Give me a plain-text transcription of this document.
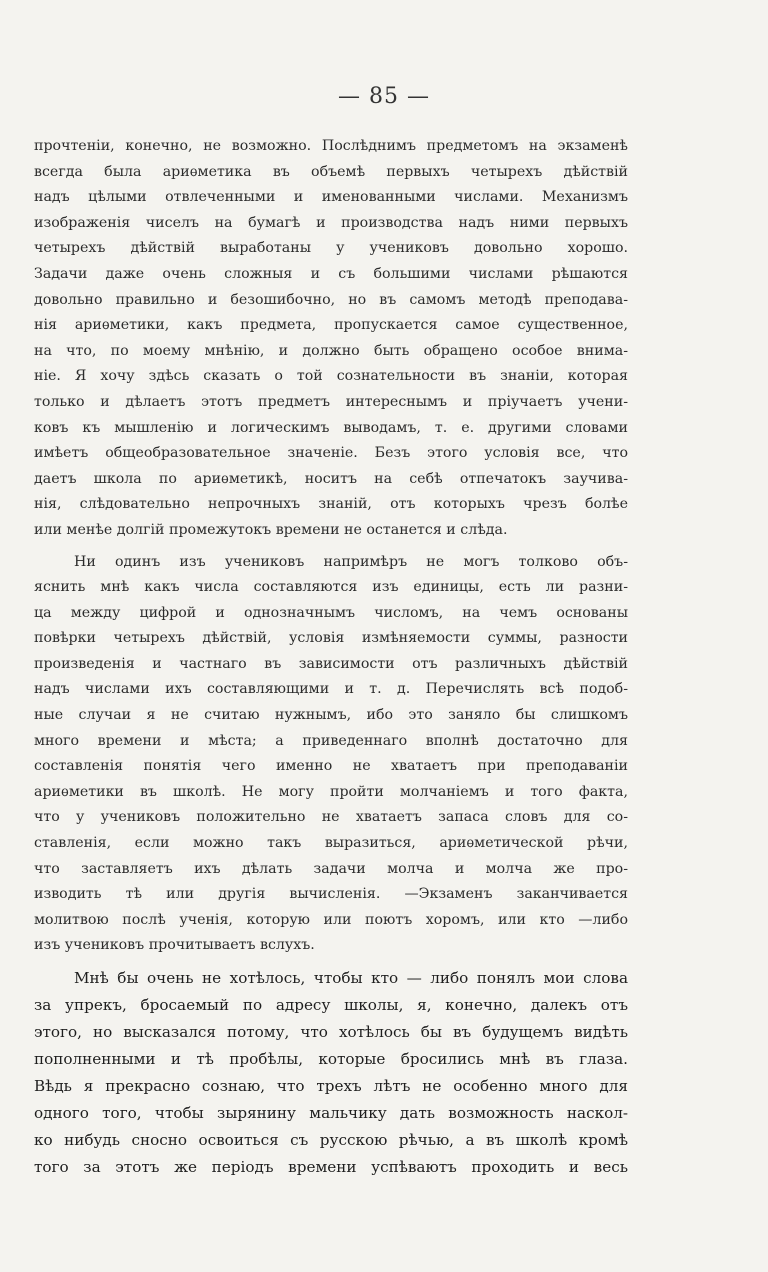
— 85 —
прочтеніи, конечно, не возможно. Послѣднимъ предметомъ на экзаменѣ
всегда была ариѳметика въ объемѣ первыхъ четырехъ дѣйствій
надъ цѣлыми отвлеченными и именованными числами. Механизмъ
изображенія чиселъ на бумагѣ и производства надъ ними первыхъ
четырехъ дѣйствій выработаны у учениковъ довольно хорошо.
Задачи даже очень сложныя и съ большими числами рѣшаются
довольно правильно и безошибочно, но въ самомъ методѣ преподава-
нія ариѳметики, какъ предмета, пропускается самое существенное,
на что, по моему мнѣнію, и должно быть обращено особое внима-
ніе. Я хочу здѣсь сказать о той сознательности въ знаніи, которая
только и дѣлаетъ этотъ предметъ интереснымъ и пріучаетъ учени-
ковъ къ мышленію и логическимъ выводамъ, т. е. другими словами
имѣетъ общеобразовательное значеніе. Безъ этого условія все, что
даетъ школа по ариѳметикѣ, носитъ на себѣ отпечатокъ заучива-
нія, слѣдовательно непрочныхъ знаній, отъ которыхъ чрезъ болѣе
или менѣе долгій промежутокъ времени не останется и слѣда.
Ни одинъ изъ учениковъ напримѣръ не могъ толково объ-
яснить мнѣ какъ числа составляются изъ единицы, есть ли разни-
ца между цифрой и однозначнымъ числомъ, на чемъ основаны
повѣрки четырехъ дѣйствій, условія измѣняемости суммы, разности
произведенія и частнаго въ зависимости отъ различныхъ дѣйствій
надъ числами ихъ составляющими и т. д. Перечислять всѣ подоб-
ные случаи я не считаю нужнымъ, ибо это заняло бы слишкомъ
много времени и мѣста; а приведеннаго вполнѣ достаточно для
составленія понятія чего именно не хватаетъ при преподаваніи
ариѳметики въ школѣ. Не могу пройти молчаніемъ и того факта,
что у учениковъ положительно не хватаетъ запаса словъ для со-
ставленія, если можно такъ выразиться, ариѳметической рѣчи,
что заставляетъ ихъ дѣлать задачи молча и молча же про-
изводить тѣ или другія вычисленія. —Экзаменъ заканчивается
молитвою послѣ ученія, которую или поютъ хоромъ, или кто —либо
изъ учениковъ прочитываетъ вслухъ.
Мнѣ бы очень не хотѣлось, чтобы кто — либо понялъ мои слова
за упрекъ, бросаемый по адресу школы, я, конечно, далекъ отъ
этого, но высказался потому, что хотѣлось бы въ будущемъ видѣть
пополненными и тѣ пробѣлы, которые бросились мнѣ въ глаза.
Вѣдь я прекрасно сознаю, что трехъ лѣтъ не особенно много для
одного того, чтобы зырянину мальчику дать возможность наскол-
ко нибудь сносно освоиться съ русскою рѣчью, а въ школѣ кромѣ
того за этотъ же періодъ времени успѣваютъ проходить и весь
